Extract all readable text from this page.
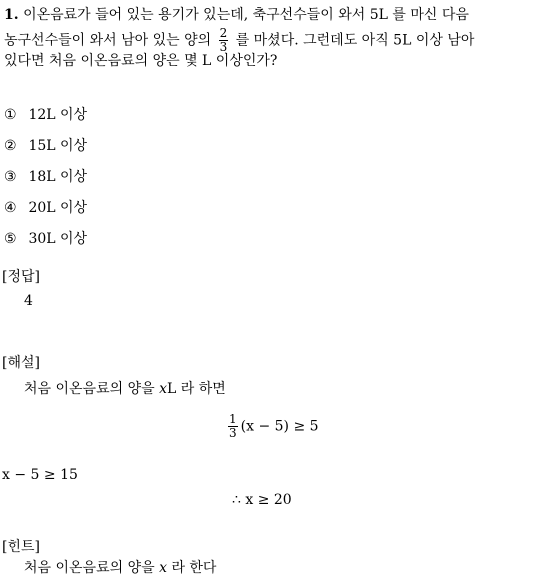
1. 이온음료가 들어 있는 용기가 있는데, 축구선수들이 와서 5L 를 마신 다음
농구선수들이 와서 남아 있는 양의 $\frac{2}{3}$ 를 마셨다. 그런데도 아직 5L 이상 남아
있다면 처음 이온음료의 양은 몇 L 이상인가?
① 12L 이상
② 15L 이상
③ 18L 이상
④ 20L 이상
⑤ 30L 이상
[정답]
4
[해설]
처음 이온음료의 양을 xL 라 하면
$\frac{1}{3} (x - 5) \ge 5$
x − 5 ≥ 15
∴ x ≥ 20
[힌트]
처음 이온음료의 양을 x 라 한다
